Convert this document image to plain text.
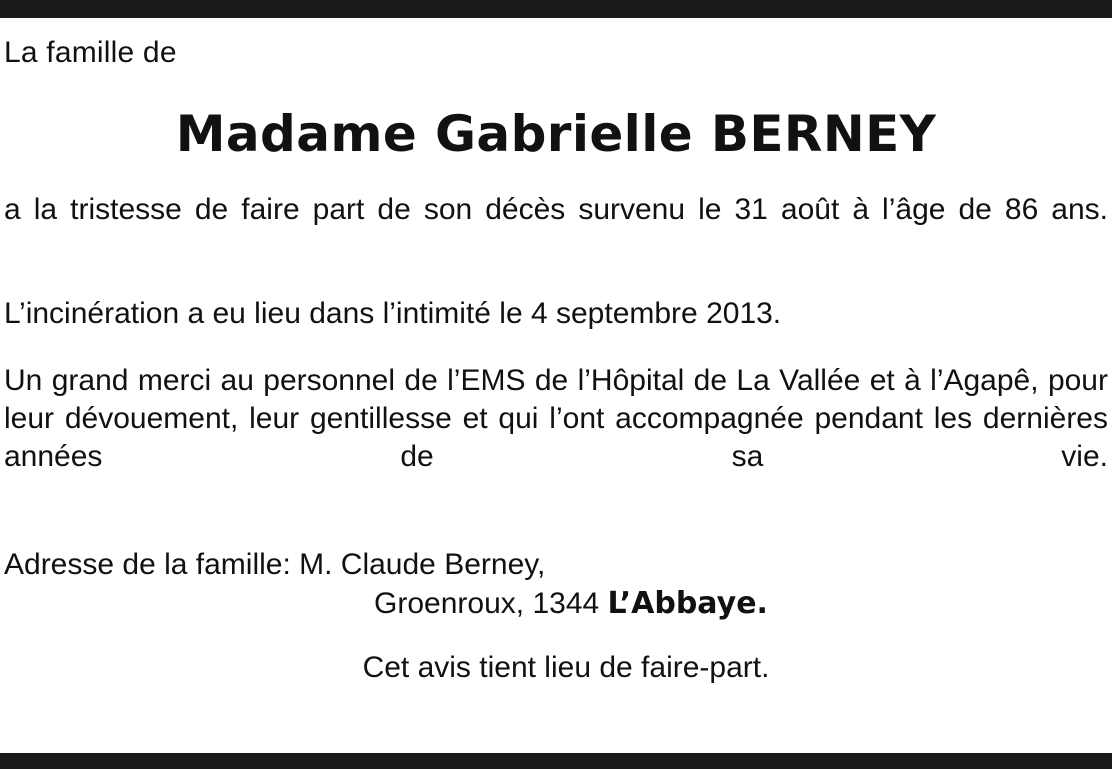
La famille de
Madame Gabrielle BERNEY
a la tristesse de faire part de son décès survenu le 31 août à l’âge de 86 ans.
L’incinération a eu lieu dans l’intimité le 4 septembre 2013.
Un grand merci au personnel de l’EMS de l’Hôpital de La Vallée et à l’Agapê, pour leur dévouement, leur gentillesse et qui l’ont accompagnée pendant les dernières années de sa vie.
Adresse de la famille: M. Claude Berney,
Groenroux, 1344 L’Abbaye.
Cet avis tient lieu de faire-part.
